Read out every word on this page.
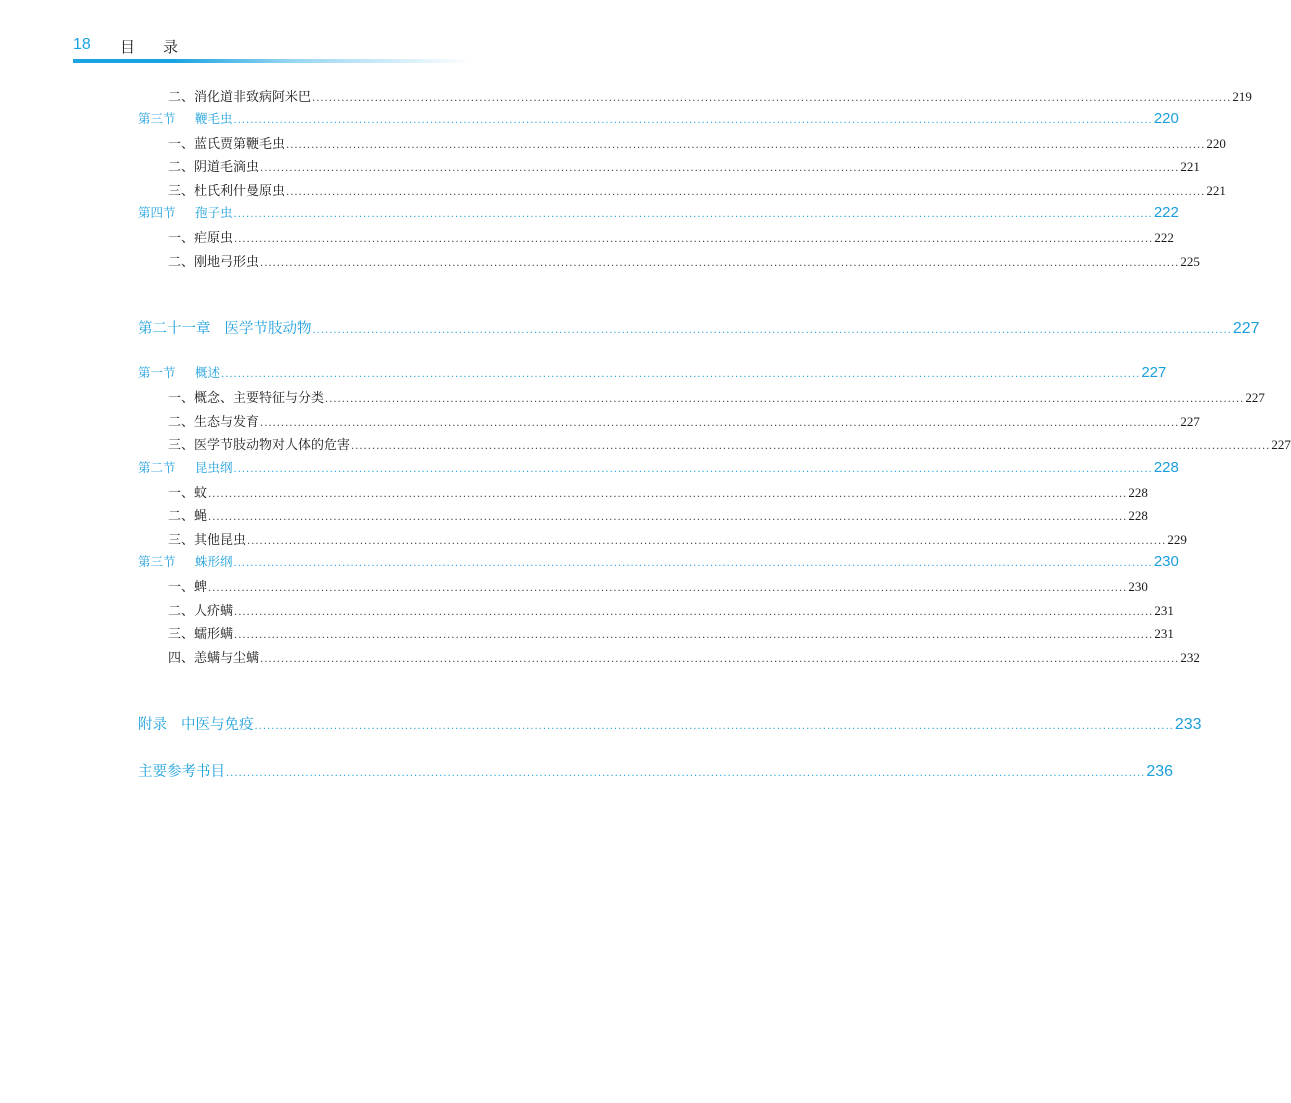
18 目 录
二、消化道非致病阿米巴 ............................................................................................................................................................................................................................ 219
第三节 鞭毛虫 ............................................................................................................................................................................................................................ 220
一、蓝氏贾第鞭毛虫 ............................................................................................................................................................................................................................ 220
二、阴道毛滴虫 ............................................................................................................................................................................................................................ 221
三、杜氏利什曼原虫 ............................................................................................................................................................................................................................ 221
第四节 孢子虫 ............................................................................................................................................................................................................................ 222
一、疟原虫 ............................................................................................................................................................................................................................ 222
二、刚地弓形虫 ............................................................................................................................................................................................................................ 225
第二十一章 医学节肢动物 ............................................................................................................................................................................................................................ 227
第一节 概述 ............................................................................................................................................................................................................................ 227
一、概念、主要特征与分类 ............................................................................................................................................................................................................................ 227
二、生态与发育 ............................................................................................................................................................................................................................ 227
三、医学节肢动物对人体的危害 ............................................................................................................................................................................................................................ 227
第二节 昆虫纲 ............................................................................................................................................................................................................................ 228
一、蚊 ............................................................................................................................................................................................................................ 228
二、蝇 ............................................................................................................................................................................................................................ 228
三、其他昆虫 ............................................................................................................................................................................................................................ 229
第三节 蛛形纲 ............................................................................................................................................................................................................................ 230
一、蜱 ............................................................................................................................................................................................................................ 230
二、人疥螨 ............................................................................................................................................................................................................................ 231
三、蠕形螨 ............................................................................................................................................................................................................................ 231
四、恙螨与尘螨 ............................................................................................................................................................................................................................ 232
附录 中医与免疫 ............................................................................................................................................................................................................................ 233
主要参考书目 ............................................................................................................................................................................................................................ 236
